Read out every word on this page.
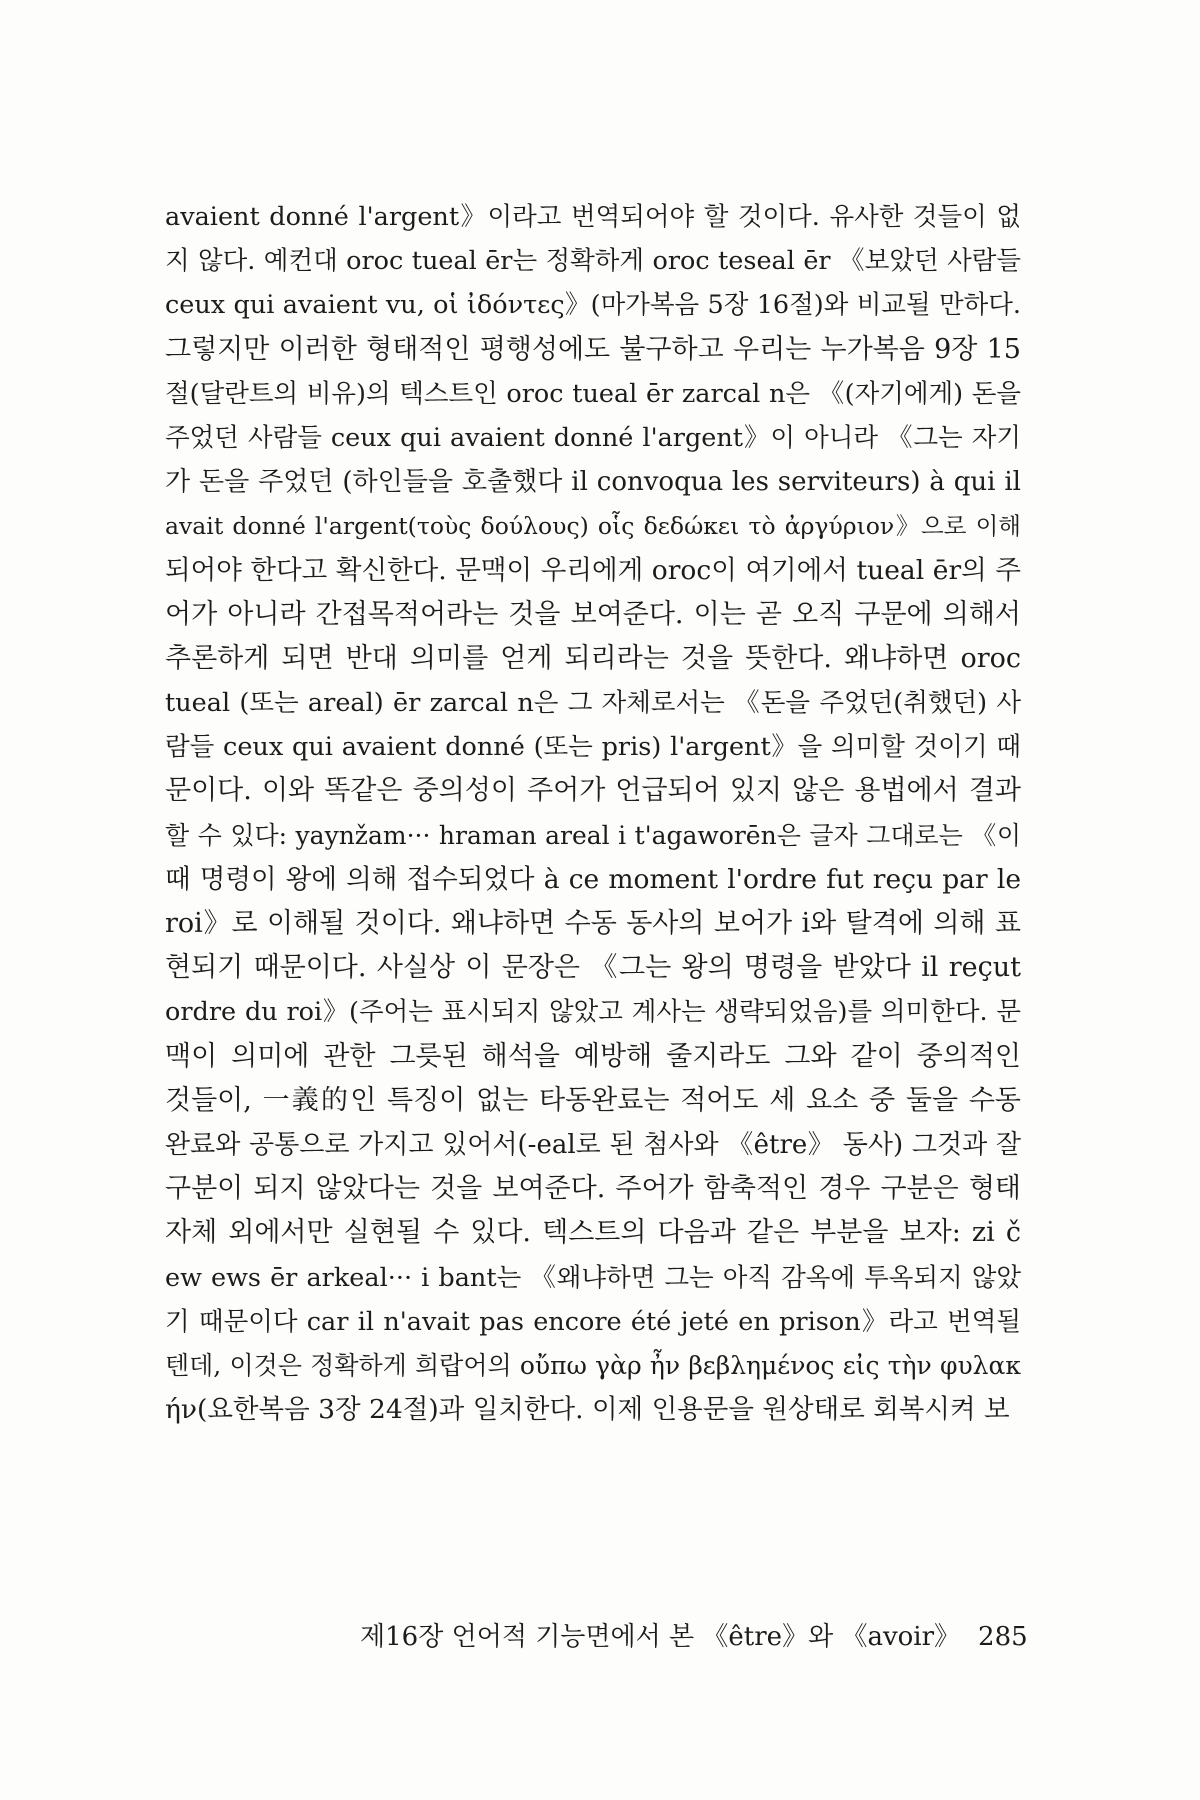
avaient donné l'argent》이라고 번역되어야 할 것이다. 유사한 것들이 없
지 않다. 예컨대 oroc tueal ēr는 정확하게 oroc teseal ēr 《보았던 사람들
ceux qui avaient vu, οἱ ἰδόντες》(마가복음 5장 16절)와 비교될 만하다.
그렇지만 이러한 형태적인 평행성에도 불구하고 우리는 누가복음 9장 15
절(달란트의 비유)의 텍스트인 oroc tueal ēr zarcal n은 《(자기에게) 돈을
주었던 사람들 ceux qui avaient donné l'argent》이 아니라 《그는 자기
가 돈을 주었던 (하인들을 호출했다 il convoqua les serviteurs) à qui il
avait donné l'argent(τοὺς δούλους) οἷς δεδώκει τὸ ἀργύριον》으로 이해
되어야 한다고 확신한다. 문맥이 우리에게 oroc이 여기에서 tueal ēr의 주
어가 아니라 간접목적어라는 것을 보여준다. 이는 곧 오직 구문에 의해서
추론하게 되면 반대 의미를 얻게 되리라는 것을 뜻한다. 왜냐하면 oroc
tueal (또는 areal) ēr zarcal n은 그 자체로서는 《돈을 주었던(취했던) 사
람들 ceux qui avaient donné (또는 pris) l'argent》을 의미할 것이기 때
문이다. 이와 똑같은 중의성이 주어가 언급되어 있지 않은 용법에서 결과
할 수 있다: yaynžam··· hraman areal i t'agaworēn은 글자 그대로는 《이
때 명령이 왕에 의해 접수되었다 à ce moment l'ordre fut reçu par le
roi》로 이해될 것이다. 왜냐하면 수동 동사의 보어가 i와 탈격에 의해 표
현되기 때문이다. 사실상 이 문장은 《그는 왕의 명령을 받았다 il reçut
ordre du roi》(주어는 표시되지 않았고 계사는 생략되었음)를 의미한다. 문
맥이 의미에 관한 그릇된 해석을 예방해 줄지라도 그와 같이 중의적인
것들이, 一義的인 특징이 없는 타동완료는 적어도 세 요소 중 둘을 수동
완료와 공통으로 가지고 있어서(-eal로 된 첨사와 《être》 동사) 그것과 잘
구분이 되지 않았다는 것을 보여준다. 주어가 함축적인 경우 구분은 형태
자체 외에서만 실현될 수 있다. 텍스트의 다음과 같은 부분을 보자: zi č
ew ews ēr arkeal··· i bant는 《왜냐하면 그는 아직 감옥에 투옥되지 않았
기 때문이다 car il n'avait pas encore été jeté en prison》라고 번역될
텐데, 이것은 정확하게 희랍어의 οὔπω γὰρ ἦν βεβλημένος εἰς τὴν φυλακ
ήν(요한복음 3장 24절)과 일치한다. 이제 인용문을 원상태로 회복시켜 보
제16장 언어적 기능면에서 본 《être》와 《avoir》 285
